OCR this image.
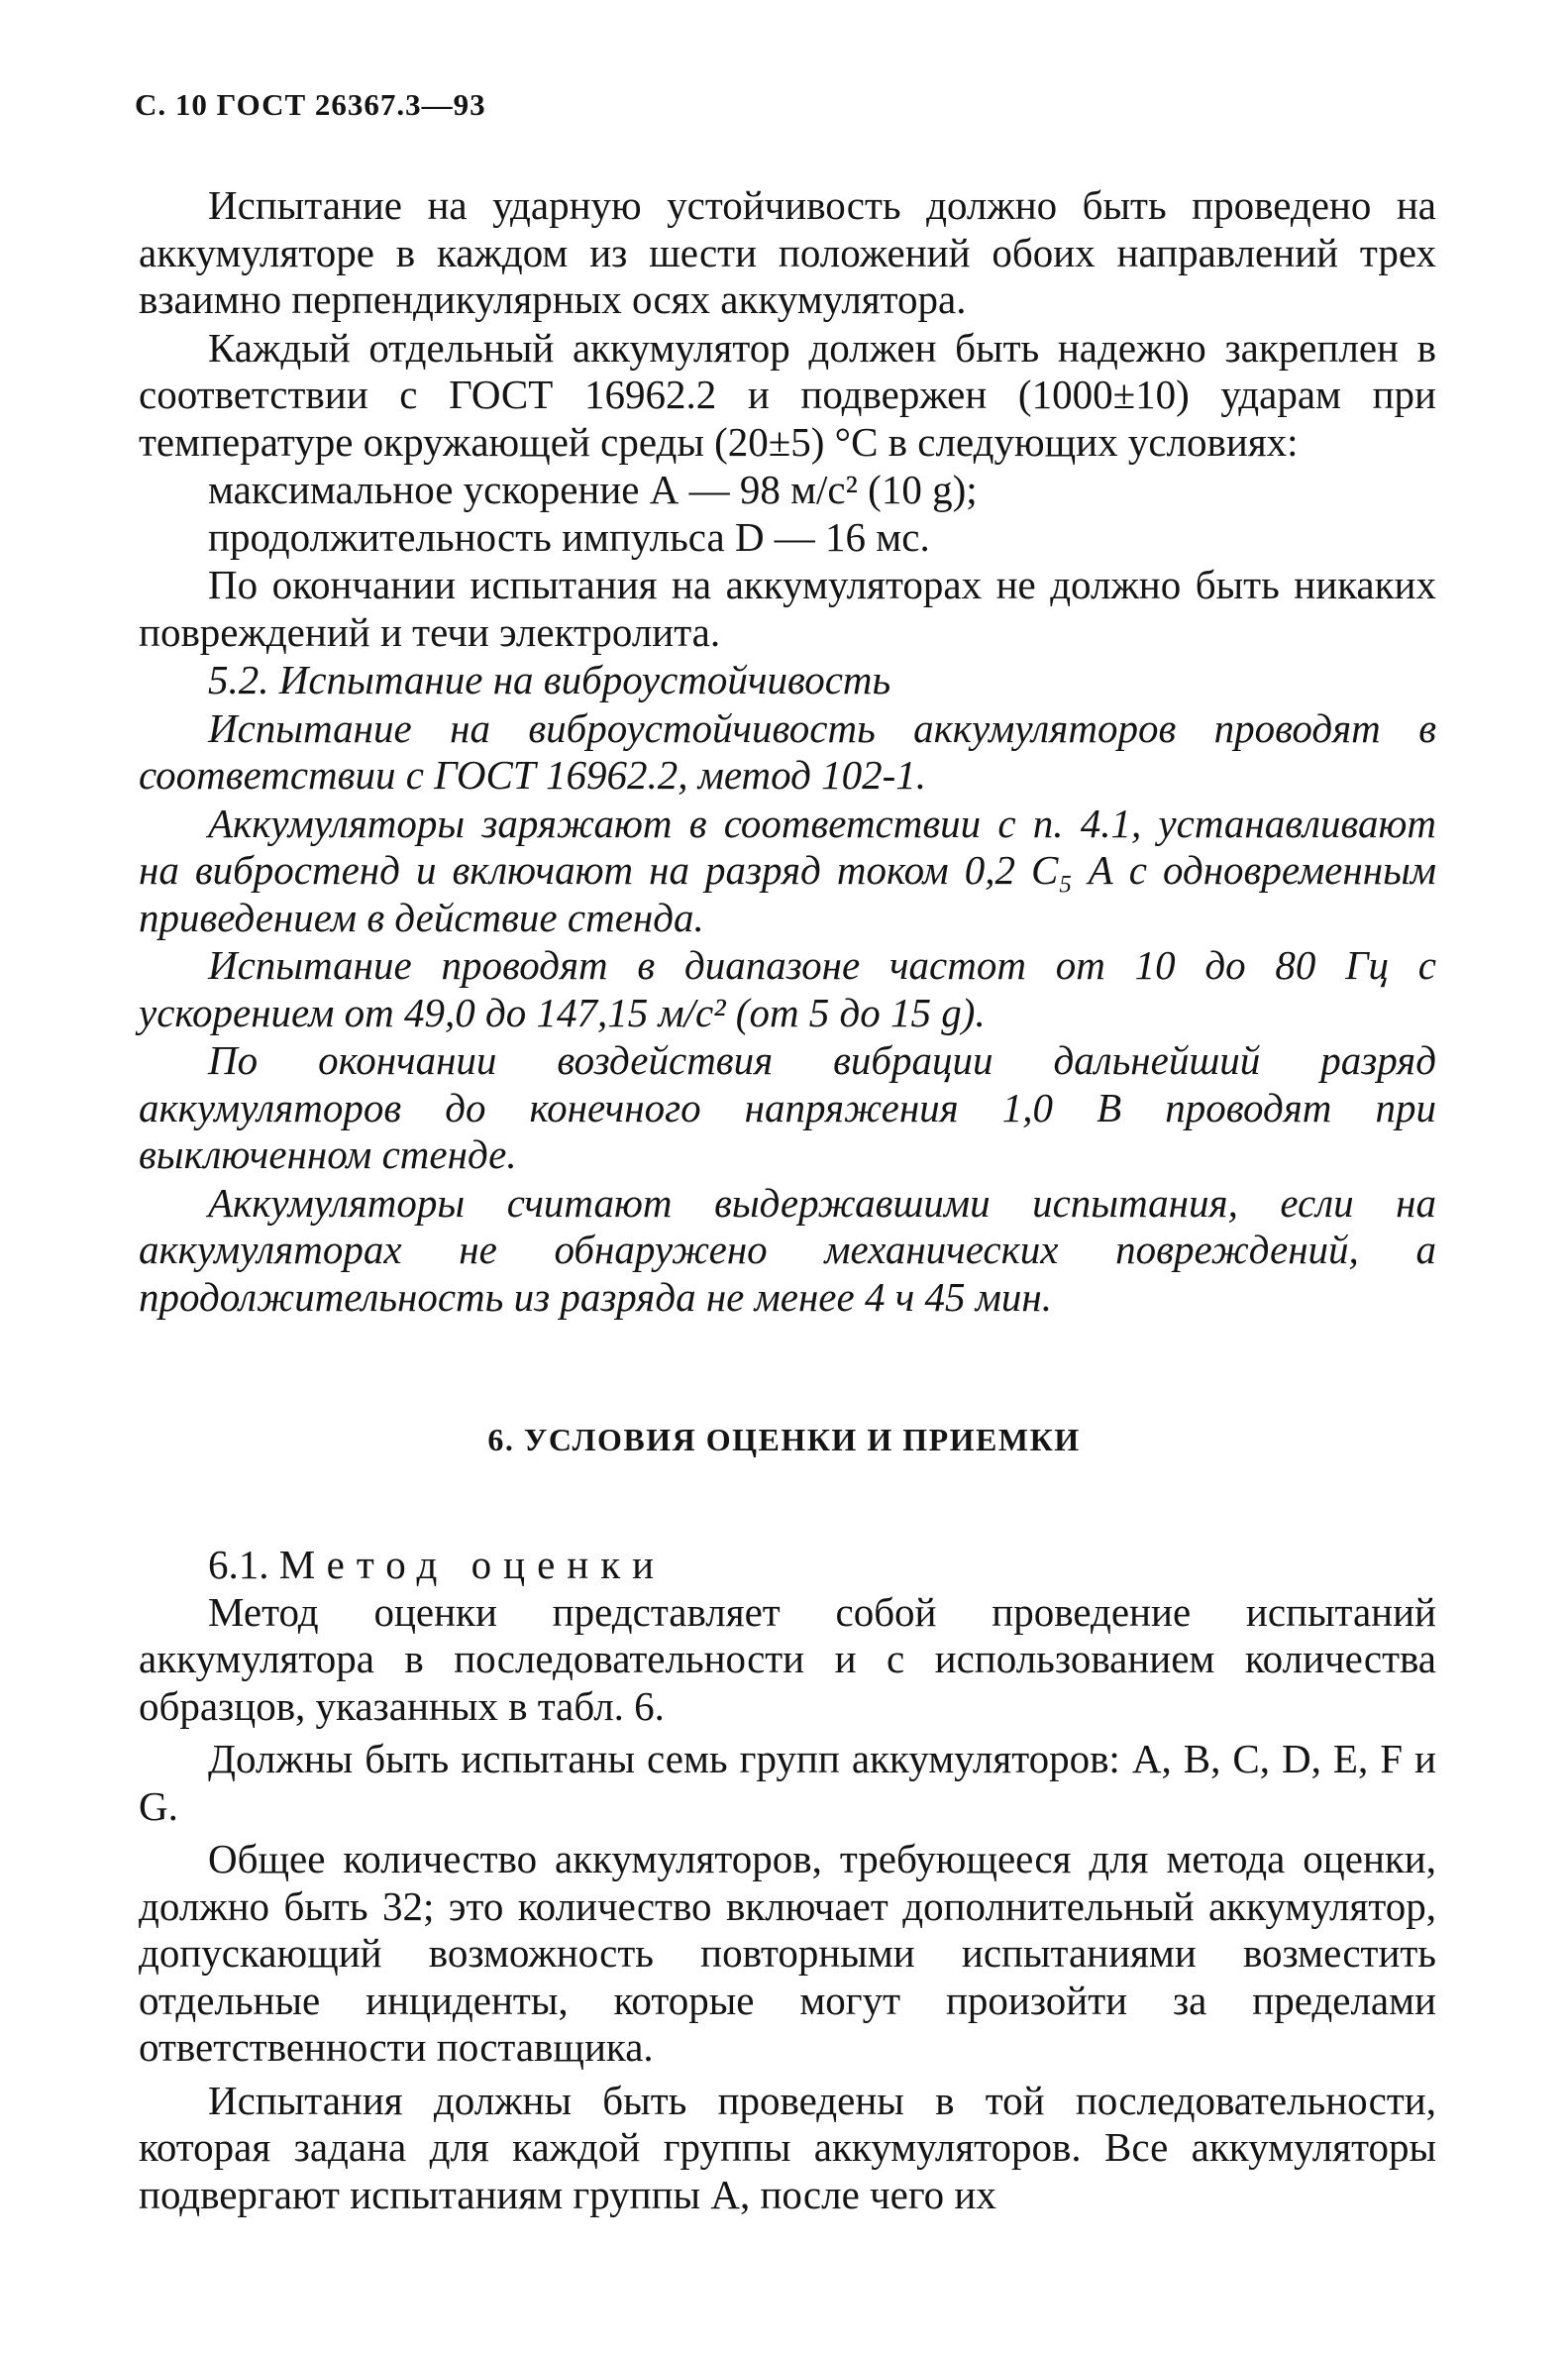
С. 10 ГОСТ 26367.3—93

Испытание на ударную устойчивость должно быть проведено на аккумуляторе в каждом из шести положений обоих направлений трех взаимно перпендикулярных осях аккумулятора.

Каждый отдельный аккумулятор должен быть надежно закреплен в соответствии с ГОСТ 16962.2 и подвержен (1000±10) ударам при температуре окружающей среды (20±5) °С в следующих условиях:

максимальное ускорение А — 98 м/с² (10 g);

продолжительность импульса D — 16 мс.

По окончании испытания на аккумуляторах не должно быть никаких повреждений и течи электролита.

5.2. Испытание на виброустойчивость

Испытание на виброустойчивость аккумуляторов проводят в соответствии с ГОСТ 16962.2, метод 102-1.

Аккумуляторы заряжают в соответствии с п. 4.1, устанавливают на вибростенд и включают на разряд током 0,2 C₅ А с одновременным приведением в действие стенда.

Испытание проводят в диапазоне частот от 10 до 80 Гц с ускорением от 49,0 до 147,15 м/с² (от 5 до 15 g).

По окончании воздействия вибрации дальнейший разряд аккумуляторов до конечного напряжения 1,0 В проводят при выключенном стенде.

Аккумуляторы считают выдержавшими испытания, если на аккумуляторах не обнаружено механических повреждений, а продолжительность из разряда не менее 4 ч 45 мин.

6. УСЛОВИЯ ОЦЕНКИ И ПРИЕМКИ

6.1. Метод оценки

Метод оценки представляет собой проведение испытаний аккумулятора в последовательности и с использованием количества образцов, указанных в табл. 6.

Должны быть испытаны семь групп аккумуляторов: А, В, С, D, E, F и G.

Общее количество аккумуляторов, требующееся для метода оценки, должно быть 32; это количество включает дополнительный аккумулятор, допускающий возможность повторными испытаниями возместить отдельные инциденты, которые могут произойти за пределами ответственности поставщика.

Испытания должны быть проведены в той последовательности, которая задана для каждой группы аккумуляторов. Все аккумуляторы подвергают испытаниям группы А, после чего их
